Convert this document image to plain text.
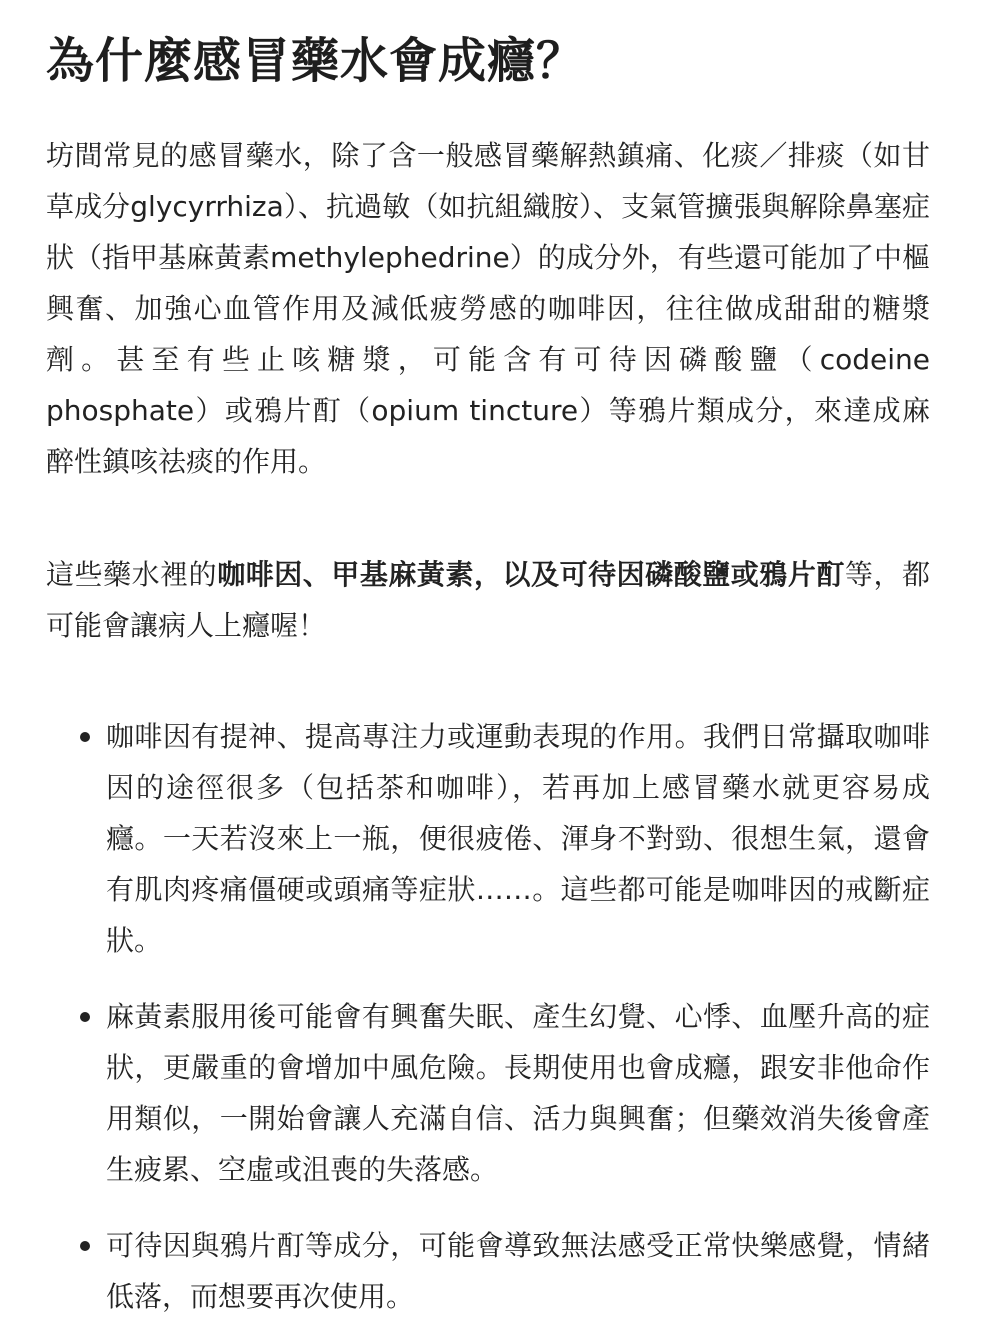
為什麼感冒藥水會成癮？

坊間常見的感冒藥水，除了含一般感冒藥解熱鎮痛、化痰／排痰（如甘草成分glycyrrhiza）、抗過敏（如抗組織胺）、支氣管擴張與解除鼻塞症狀（指甲基麻黃素methylephedrine）的成分外，有些還可能加了中樞興奮、加強心血管作用及減低疲勞感的咖啡因，往往做成甜甜的糖漿劑。甚至有些止咳糖漿，可能含有可待因磷酸鹽（codeine phosphate）或鴉片酊（opium tincture）等鴉片類成分，來達成麻醉性鎮咳祛痰的作用。

這些藥水裡的咖啡因、甲基麻黃素，以及可待因磷酸鹽或鴉片酊等，都可能會讓病人上癮喔！

咖啡因有提神、提高專注力或運動表現的作用。我們日常攝取咖啡因的途徑很多（包括茶和咖啡），若再加上感冒藥水就更容易成癮。一天若沒來上一瓶，便很疲倦、渾身不對勁、很想生氣，還會有肌肉疼痛僵硬或頭痛等症狀……。這些都可能是咖啡因的戒斷症狀。
麻黃素服用後可能會有興奮失眠、產生幻覺、心悸、血壓升高的症狀，更嚴重的會增加中風危險。長期使用也會成癮，跟安非他命作用類似，一開始會讓人充滿自信、活力與興奮；但藥效消失後會產生疲累、空虛或沮喪的失落感。
可待因與鴉片酊等成分，可能會導致無法感受正常快樂感覺，情緒低落，而想要再次使用。
